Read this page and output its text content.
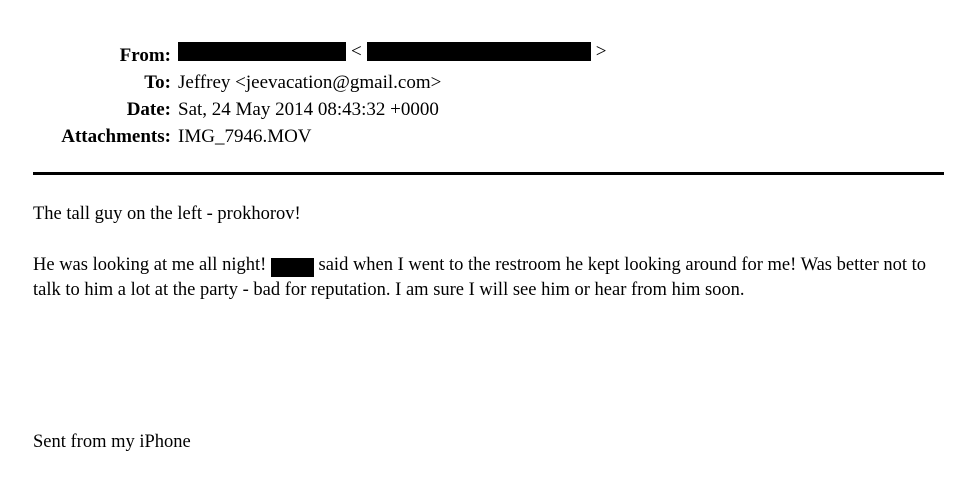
From:	<	>
To: Jeffrey <jeevacation@gmail.com>
Date: Sat, 24 May 2014 08:43:32 +0000
Attachments: IMG_7946.MOV
The tall guy on the left - prokhorov!
He was looking at me all night!	said when I went to the restroom he kept looking around for me! Was better not to talk to him a lot at the party - bad for reputation. I am sure I will see him or hear from him soon.
Sent from my iPhone
